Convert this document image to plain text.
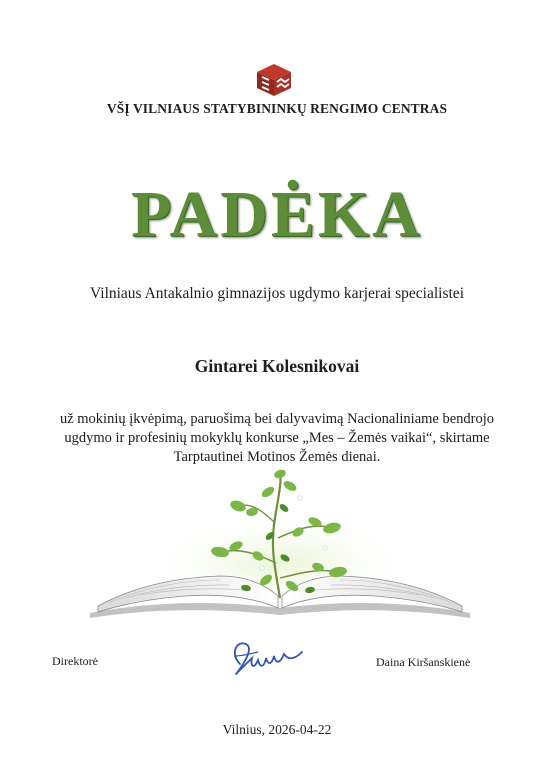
VŠĮ VILNIAUS STATYBININKŲ RENGIMO CENTRAS
PADĖKA
Vilniaus Antakalnio gimnazijos ugdymo karjerai specialistei
Gintarei Kolesnikovai
už mokinių įkvėpimą, paruošimą bei dalyvavimą Nacionaliniame bendrojo ugdymo ir profesinių mokyklų konkurse „Mes – Žemės vaikai“, skirtame Tarptautinei Motinos Žemės dienai.
Direktorė	Daina Kiršanskienė
Vilnius, 2026-04-22
